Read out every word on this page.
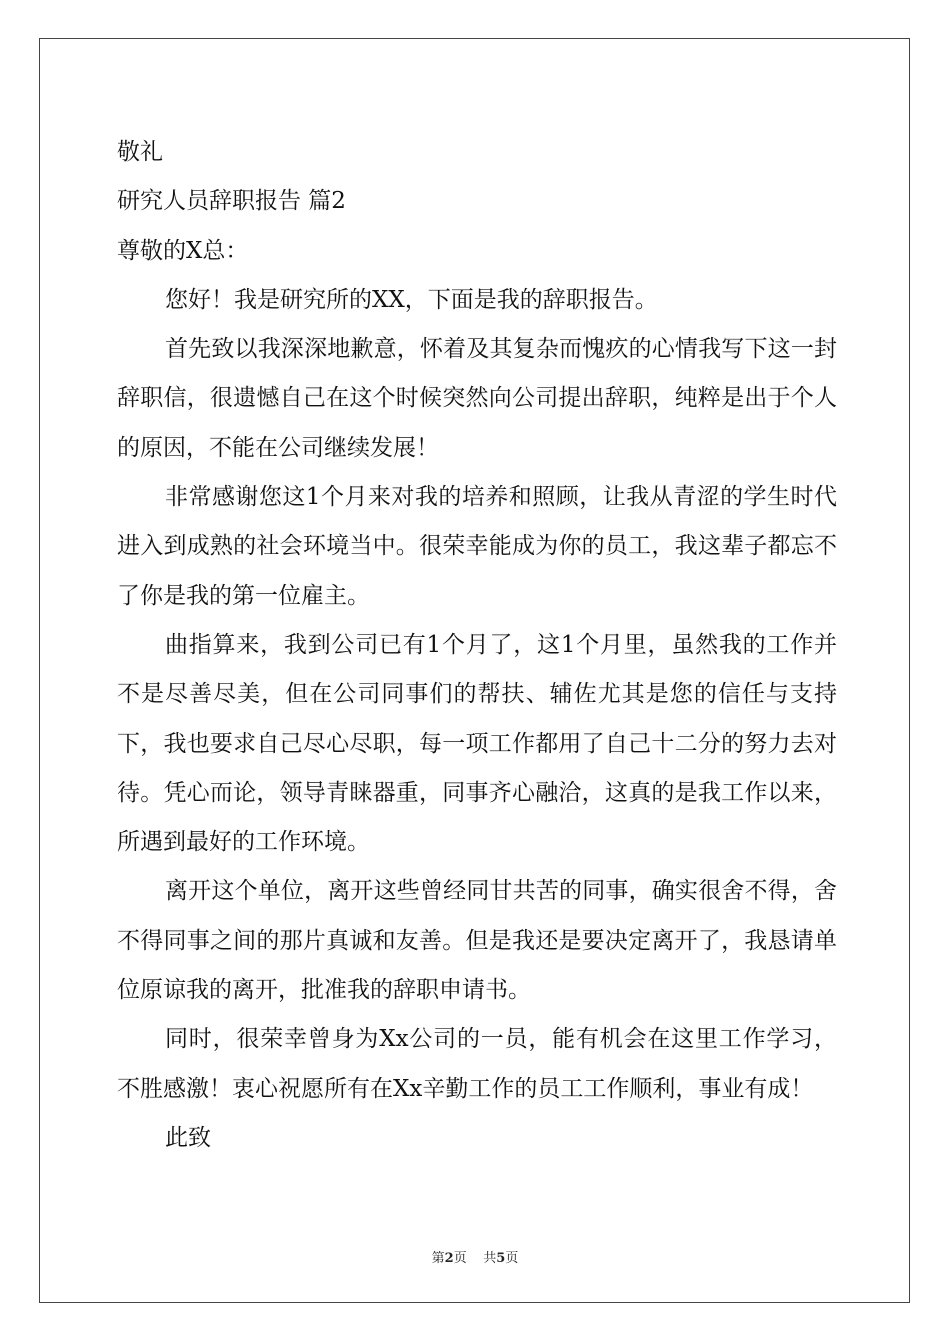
敬礼

研究人员辞职报告 篇2

尊敬的X总：

您好！我是研究所的XX，下面是我的辞职报告。

首先致以我深深地歉意，怀着及其复杂而愧疚的心情我写下这一封辞职信，很遗憾自己在这个时候突然向公司提出辞职，纯粹是出于个人的原因，不能在公司继续发展！

非常感谢您这1个月来对我的培养和照顾，让我从青涩的学生时代进入到成熟的社会环境当中。很荣幸能成为你的员工，我这辈子都忘不了你是我的第一位雇主。

曲指算来，我到公司已有1个月了，这1个月里，虽然我的工作并不是尽善尽美，但在公司同事们的帮扶、辅佐尤其是您的信任与支持下，我也要求自己尽心尽职，每一项工作都用了自己十二分的努力去对待。凭心而论，领导青睐器重，同事齐心融洽，这真的是我工作以来，所遇到最好的工作环境。

离开这个单位，离开这些曾经同甘共苦的同事，确实很舍不得，舍不得同事之间的那片真诚和友善。但是我还是要决定离开了，我恳请单位原谅我的离开，批准我的辞职申请书。

同时，很荣幸曾身为Xx公司的一员，能有机会在这里工作学习，不胜感激！衷心祝愿所有在Xx辛勤工作的员工工作顺利，事业有成！

此致

第2页 共5页
